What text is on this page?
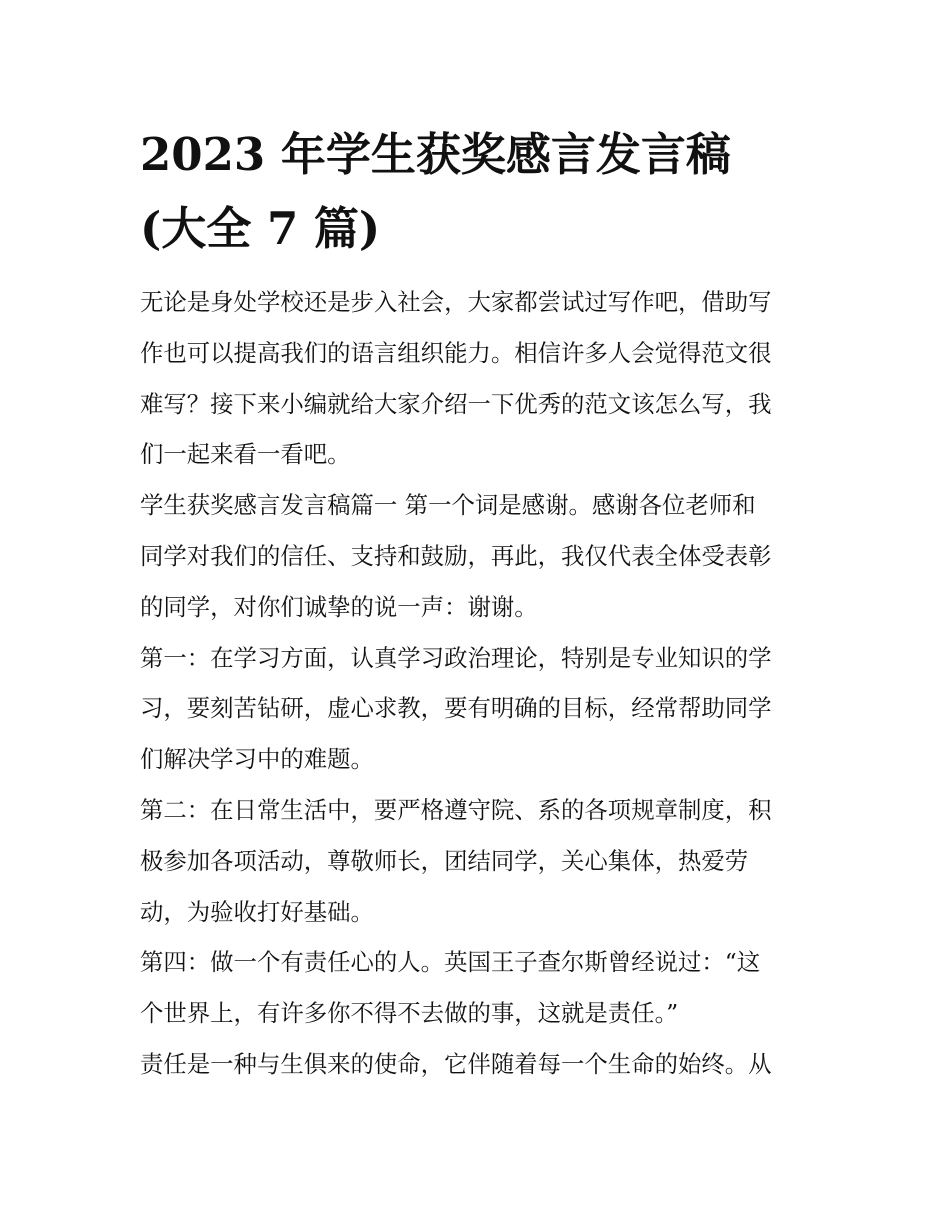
2023 年学生获奖感言发言稿
(大全 7 篇)
无论是身处学校还是步入社会，大家都尝试过写作吧，借助写
作也可以提高我们的语言组织能力。相信许多人会觉得范文很
难写？接下来小编就给大家介绍一下优秀的范文该怎么写，我
们一起来看一看吧。
学生获奖感言发言稿篇一 第一个词是感谢。感谢各位老师和
同学对我们的信任、支持和鼓励，再此，我仅代表全体受表彰
的同学，对你们诚挚的说一声：谢谢。
第一：在学习方面，认真学习政治理论，特别是专业知识的学
习，要刻苦钻研，虚心求教，要有明确的目标，经常帮助同学
们解决学习中的难题。
第二：在日常生活中，要严格遵守院、系的各项规章制度，积
极参加各项活动，尊敬师长，团结同学，关心集体，热爱劳
动，为验收打好基础。
第四：做一个有责任心的人。英国王子查尔斯曾经说过：“这
个世界上，有许多你不得不去做的事，这就是责任。”
责任是一种与生俱来的使命，它伴随着每一个生命的始终。从
